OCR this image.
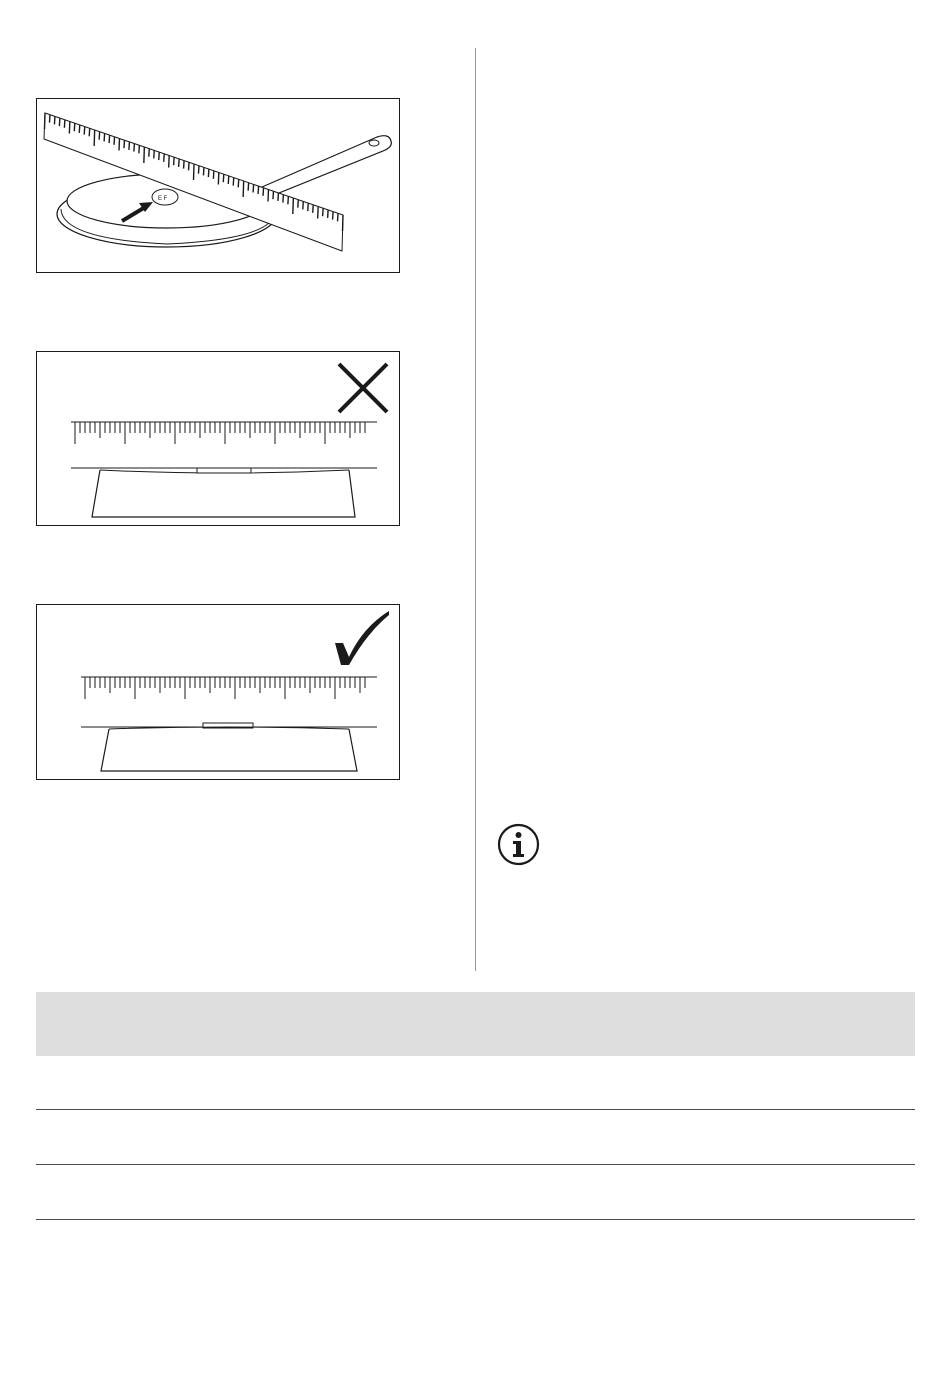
E F
